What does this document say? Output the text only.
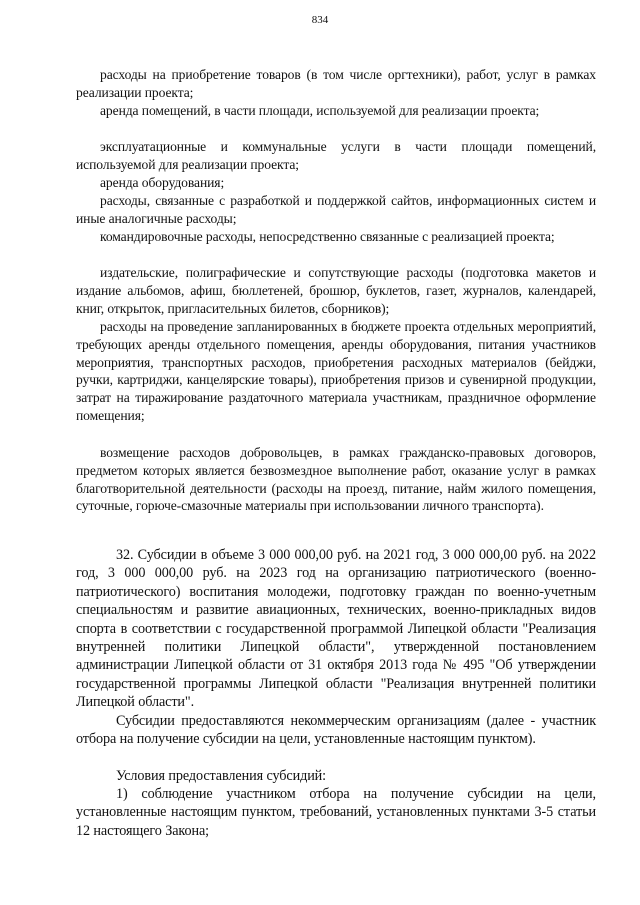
834

расходы на приобретение товаров (в том числе оргтехники), работ, услуг в рамках реализации проекта;

аренда помещений, в части площади, используемой для реализации проекта;

эксплуатационные и коммунальные услуги в части площади помещений, используемой для реализации проекта;

аренда оборудования;

расходы, связанные с разработкой и поддержкой сайтов, информационных систем и иные аналогичные расходы;

командировочные расходы, непосредственно связанные с реализацией проекта;

издательские, полиграфические и сопутствующие расходы (подготовка макетов и издание альбомов, афиш, бюллетеней, брошюр, буклетов, газет, журналов, календарей, книг, открыток, пригласительных билетов, сборников);

расходы на проведение запланированных в бюджете проекта отдельных мероприятий, требующих аренды отдельного помещения, аренды оборудования, питания участников мероприятия, транспортных расходов, приобретения расходных материалов (бейджи, ручки, картриджи, канцелярские товары), приобретения призов и сувенирной продукции, затрат на тиражирование раздаточного материала участникам, праздничное оформление помещения;

возмещение расходов добровольцев, в рамках гражданско-правовых договоров, предметом которых является безвозмездное выполнение работ, оказание услуг в рамках благотворительной деятельности (расходы на проезд, питание, найм жилого помещения, суточные, горюче-смазочные материалы при использовании личного транспорта).

32. Субсидии в объеме 3 000 000,00 руб. на 2021 год, 3 000 000,00 руб. на 2022 год, 3 000 000,00 руб. на 2023 год на организацию патриотического (военно-патриотического) воспитания молодежи, подготовку граждан по военно-учетным специальностям и развитие авиационных, технических, военно-прикладных видов спорта в соответствии с государственной программой Липецкой области "Реализация внутренней политики Липецкой области", утвержденной постановлением администрации Липецкой области от 31 октября 2013 года № 495 "Об утверждении государственной программы Липецкой области "Реализация внутренней политики Липецкой области".

Субсидии предоставляются некоммерческим организациям (далее - участник отбора на получение субсидии на цели, установленные настоящим пунктом).

Условия предоставления субсидий:

1) соблюдение участником отбора на получение субсидии на цели, установленные настоящим пунктом, требований, установленных пунктами 3-5 статьи 12 настоящего Закона;
